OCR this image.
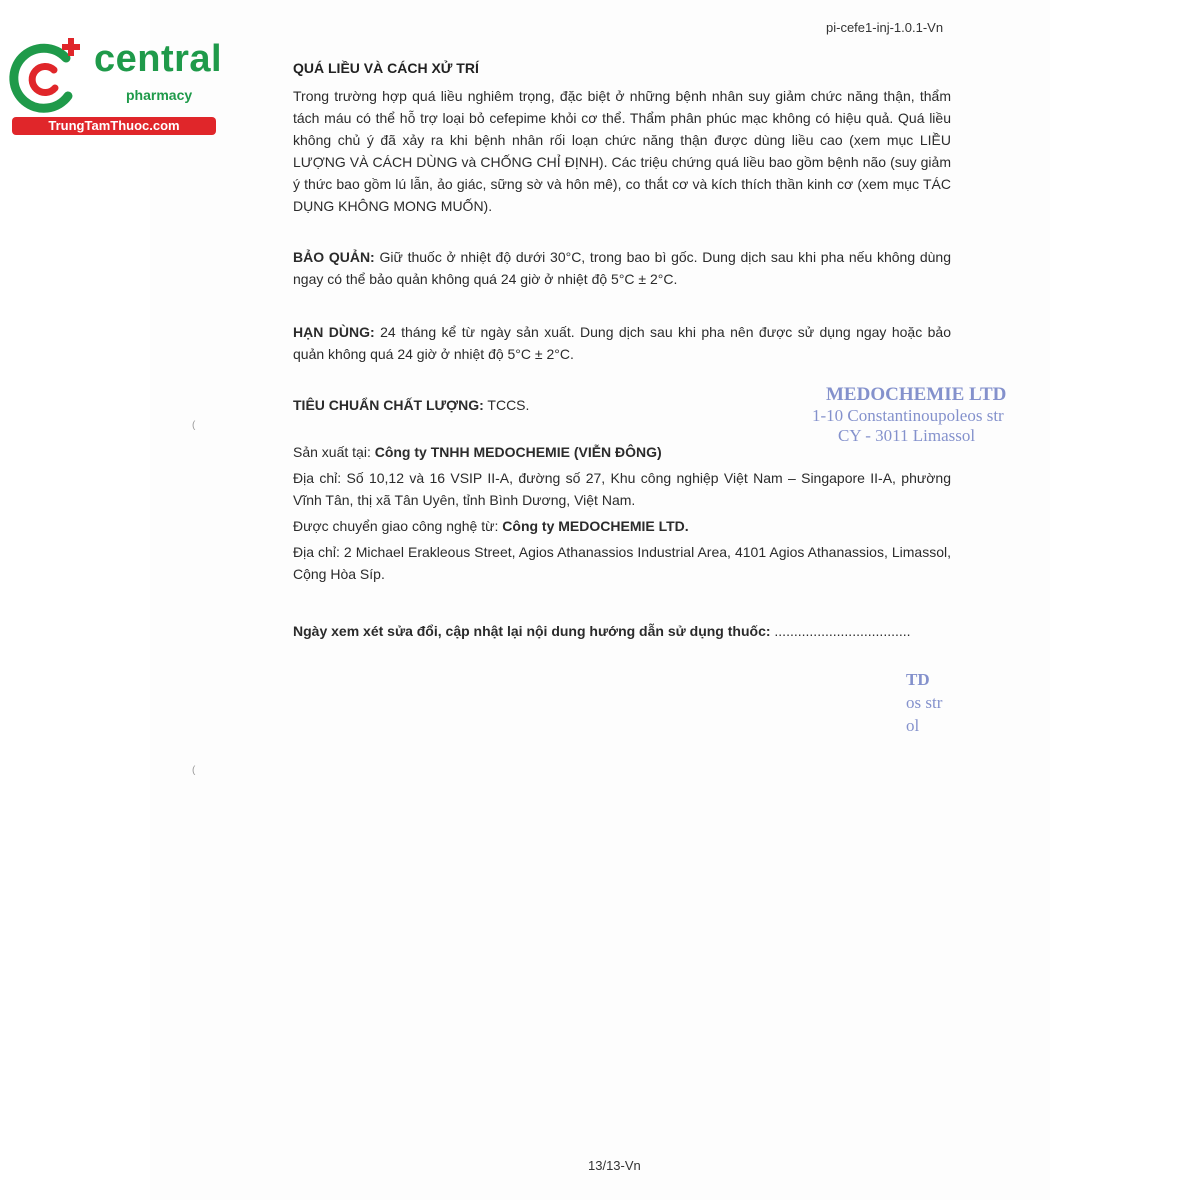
central
pharmacy
TrungTamThuoc.com
pi-cefe1-inj-1.0.1-Vn
(
(

QUÁ LIỀU VÀ CÁCH XỬ TRÍ

Trong trường hợp quá liều nghiêm trọng, đặc biệt ở những bệnh nhân suy giảm chức năng thận, thẩm tách máu có thể hỗ trợ loại bỏ cefepime khỏi cơ thể. Thẩm phân phúc mạc không có hiệu quả. Quá liều không chủ ý đã xảy ra khi bệnh nhân rối loạn chức năng thận được dùng liều cao (xem mục LIỀU LƯỢNG VÀ CÁCH DÙNG và CHỐNG CHỈ ĐỊNH). Các triệu chứng quá liều bao gồm bệnh não (suy giảm ý thức bao gồm lú lẫn, ảo giác, sững sờ và hôn mê), co thắt cơ và kích thích thần kinh cơ (xem mục TÁC DỤNG KHÔNG MONG MUỐN).

BẢO QUẢN: Giữ thuốc ở nhiệt độ dưới 30°C, trong bao bì gốc. Dung dịch sau khi pha nếu không dùng ngay có thể bảo quản không quá 24 giờ ở nhiệt độ 5°C ± 2°C.

HẠN DÙNG: 24 tháng kể từ ngày sản xuất. Dung dịch sau khi pha nên được sử dụng ngay hoặc bảo quản không quá 24 giờ ở nhiệt độ 5°C ± 2°C.

TIÊU CHUẨN CHẤT LƯỢNG: TCCS.

Sản xuất tại: Công ty TNHH MEDOCHEMIE (VIỄN ĐÔNG)

Địa chỉ: Số 10,12 và 16 VSIP II-A, đường số 27, Khu công nghiệp Việt Nam – Singapore II-A, phường Vĩnh Tân, thị xã Tân Uyên, tỉnh Bình Dương, Việt Nam.

Được chuyển giao công nghệ từ: Công ty MEDOCHEMIE LTD.

Địa chỉ: 2 Michael Erakleous Street, Agios Athanassios Industrial Area, 4101 Agios Athanassios, Limassol, Cộng Hòa Síp.

Ngày xem xét sửa đổi, cập nhật lại nội dung hướng dẫn sử dụng thuốc: ...................................

MEDOCHEMIE LTD
1-10 Constantinoupoleos str
CY - 3011 Limassol
TD
os str
ol
13/13-Vn
